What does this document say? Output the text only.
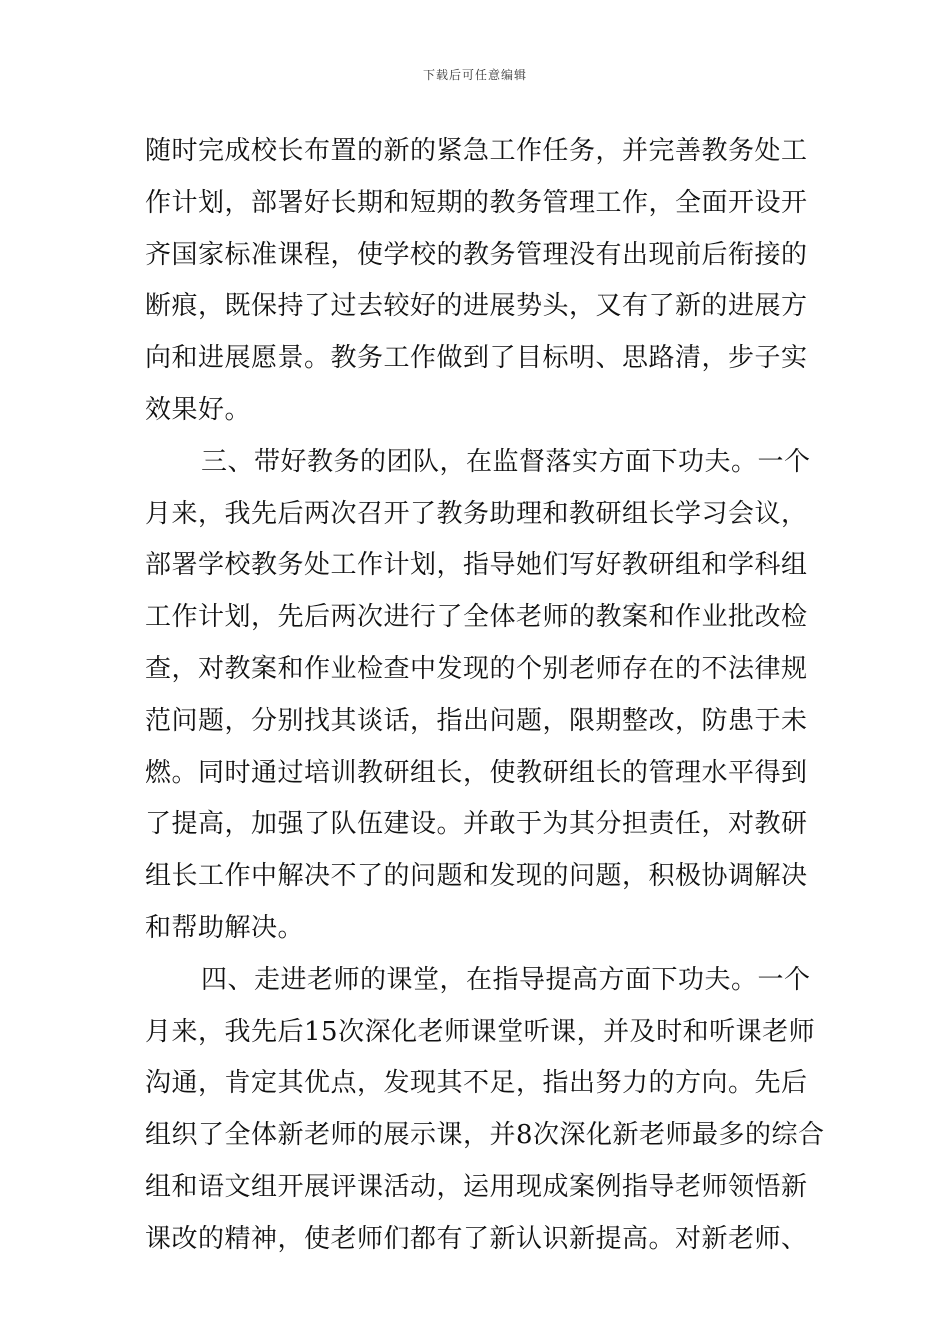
下载后可任意编辑
随时完成校长布置的新的紧急工作任务，并完善教务处工
作计划，部署好长期和短期的教务管理工作，全面开设开
齐国家标准课程，使学校的教务管理没有出现前后衔接的
断痕，既保持了过去较好的进展势头，又有了新的进展方
向和进展愿景。教务工作做到了目标明、思路清，步子实
效果好。
三、带好教务的团队，在监督落实方面下功夫。一个
月来，我先后两次召开了教务助理和教研组长学习会议，
部署学校教务处工作计划，指导她们写好教研组和学科组
工作计划，先后两次进行了全体老师的教案和作业批改检
查，对教案和作业检查中发现的个别老师存在的不法律规
范问题，分别找其谈话，指出问题，限期整改，防患于未
燃。同时通过培训教研组长，使教研组长的管理水平得到
了提高，加强了队伍建设。并敢于为其分担责任，对教研
组长工作中解决不了的问题和发现的问题，积极协调解决
和帮助解决。
四、走进老师的课堂，在指导提高方面下功夫。一个
月来，我先后15次深化老师课堂听课，并及时和听课老师
沟通，肯定其优点，发现其不足，指出努力的方向。先后
组织了全体新老师的展示课，并8次深化新老师最多的综合
组和语文组开展评课活动，运用现成案例指导老师领悟新
课改的精神，使老师们都有了新认识新提高。对新老师、
